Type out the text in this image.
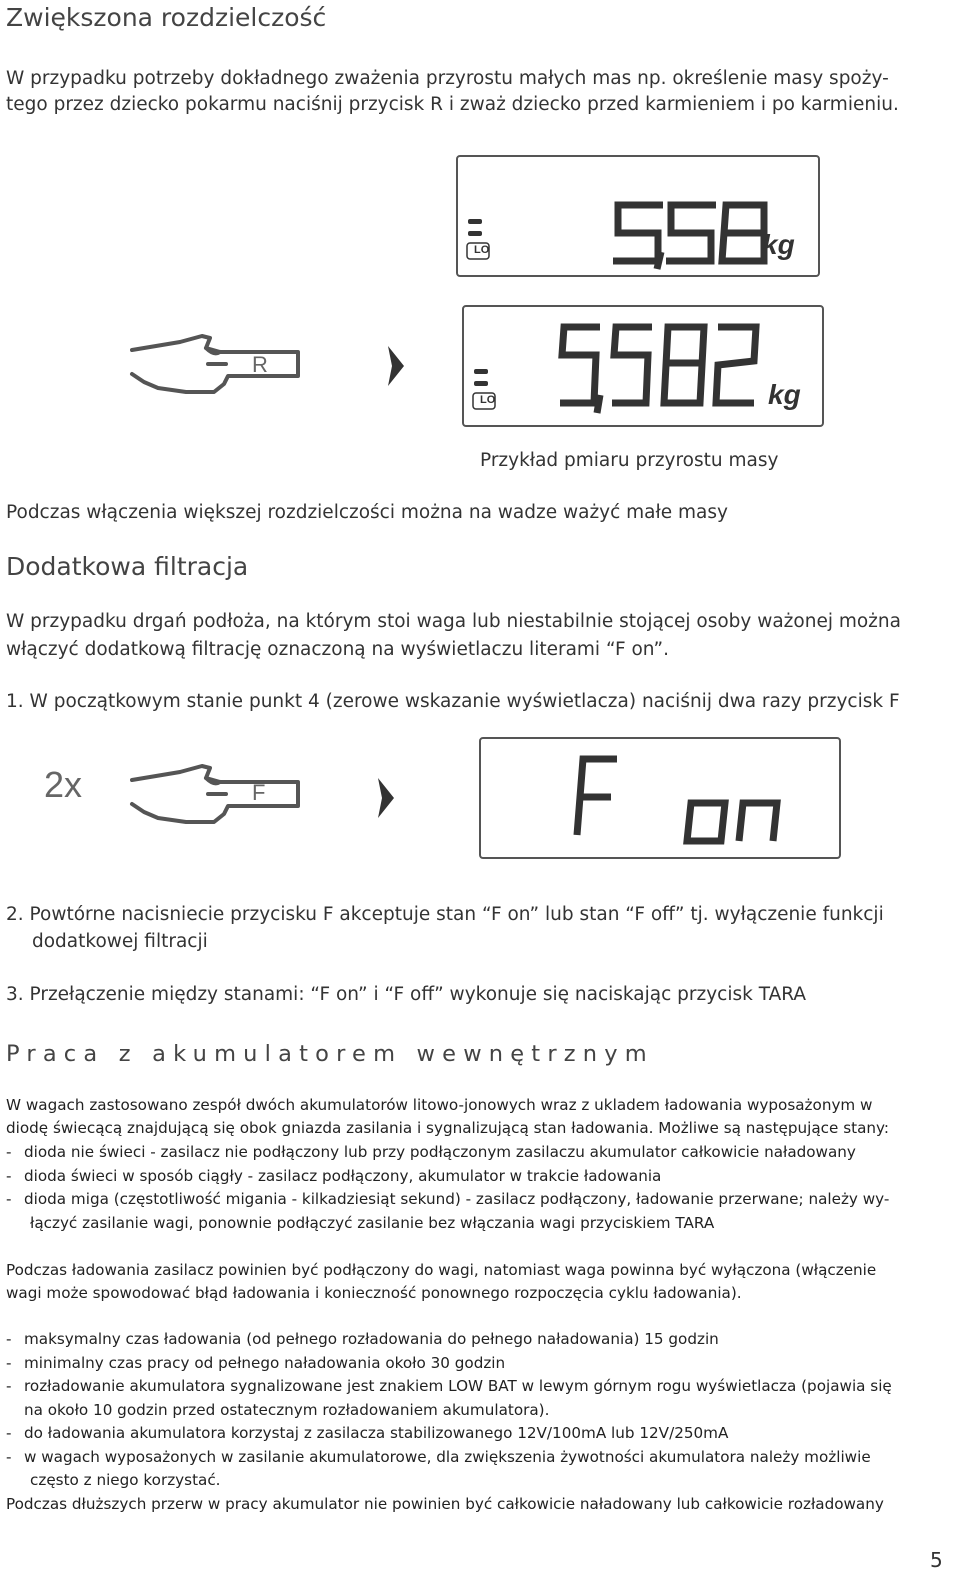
Zwiększona rozdzielczość
W przypadku potrzeby dokładnego zważenia przyrostu małych mas np. określenie masy spoży-
tego przez dziecko pokarmu naciśnij przycisk R i zważ dziecko przed karmieniem i po karmieniu.
R
LO	kg
LO	kg
Przykład pmiaru przyrostu masy
Podczas włączenia większej rozdzielczości można na wadze ważyć małe masy
Dodatkowa filtracja
W przypadku drgań podłoża, na którym stoi waga lub niestabilnie stojącej osoby ważonej można
włączyć dodatkową filtrację oznaczoną na wyświetlaczu literami “F on”.
1. W początkowym stanie punkt 4 (zerowe wskazanie wyświetlacza) naciśnij dwa razy przycisk F
2x	F
2. Powtórne nacisniecie przycisku F akceptuje stan “F on” lub stan “F off” tj. wyłączenie funkcji
dodatkowej filtracji
3. Przełączenie między stanami: “F on” i “F off” wykonuje się naciskając przycisk TARA
Praca z akumulatorem wewnętrznym
W wagach zastosowano zespół dwóch akumulatorów litowo-jonowych wraz z ukladem ładowania wyposażonym w
diodę świecącą znajdującą się obok gniazda zasilania i sygnalizującą stan ładowania. Możliwe są następujące stany:
- dioda nie świeci - zasilacz nie podłączony lub przy podłączonym zasilaczu akumulator całkowicie naładowany
- dioda świeci w sposób ciągły - zasilacz podłączony, akumulator w trakcie ładowania
- dioda miga (częstotliwość migania - kilkadziesiąt sekund) - zasilacz podłączony, ładowanie przerwane; należy wy-
łączyć zasilanie wagi, ponownie podłączyć zasilanie bez włączania wagi przyciskiem TARA
Podczas ładowania zasilacz powinien być podłączony do wagi, natomiast waga powinna być wyłączona (włączenie
wagi może spowodować błąd ładowania i konieczność ponownego rozpoczęcia cyklu ładowania).
- maksymalny czas ładowania (od pełnego rozładowania do pełnego naładowania) 15 godzin
- minimalny czas pracy od pełnego naładowania około 30 godzin
- rozładowanie akumulatora sygnalizowane jest znakiem LOW BAT w lewym górnym rogu wyświetlacza (pojawia się
na około 10 godzin przed ostatecznym rozładowaniem akumulatora).
- do ładowania akumulatora korzystaj z zasilacza stabilizowanego 12V/100mA lub 12V/250mA
- w wagach wyposażonych w zasilanie akumulatorowe, dla zwiększenia żywotności akumulatora należy możliwie
często z niego korzystać.
Podczas dłuższych przerw w pracy akumulator nie powinien być całkowicie naładowany lub całkowicie rozładowany
5
